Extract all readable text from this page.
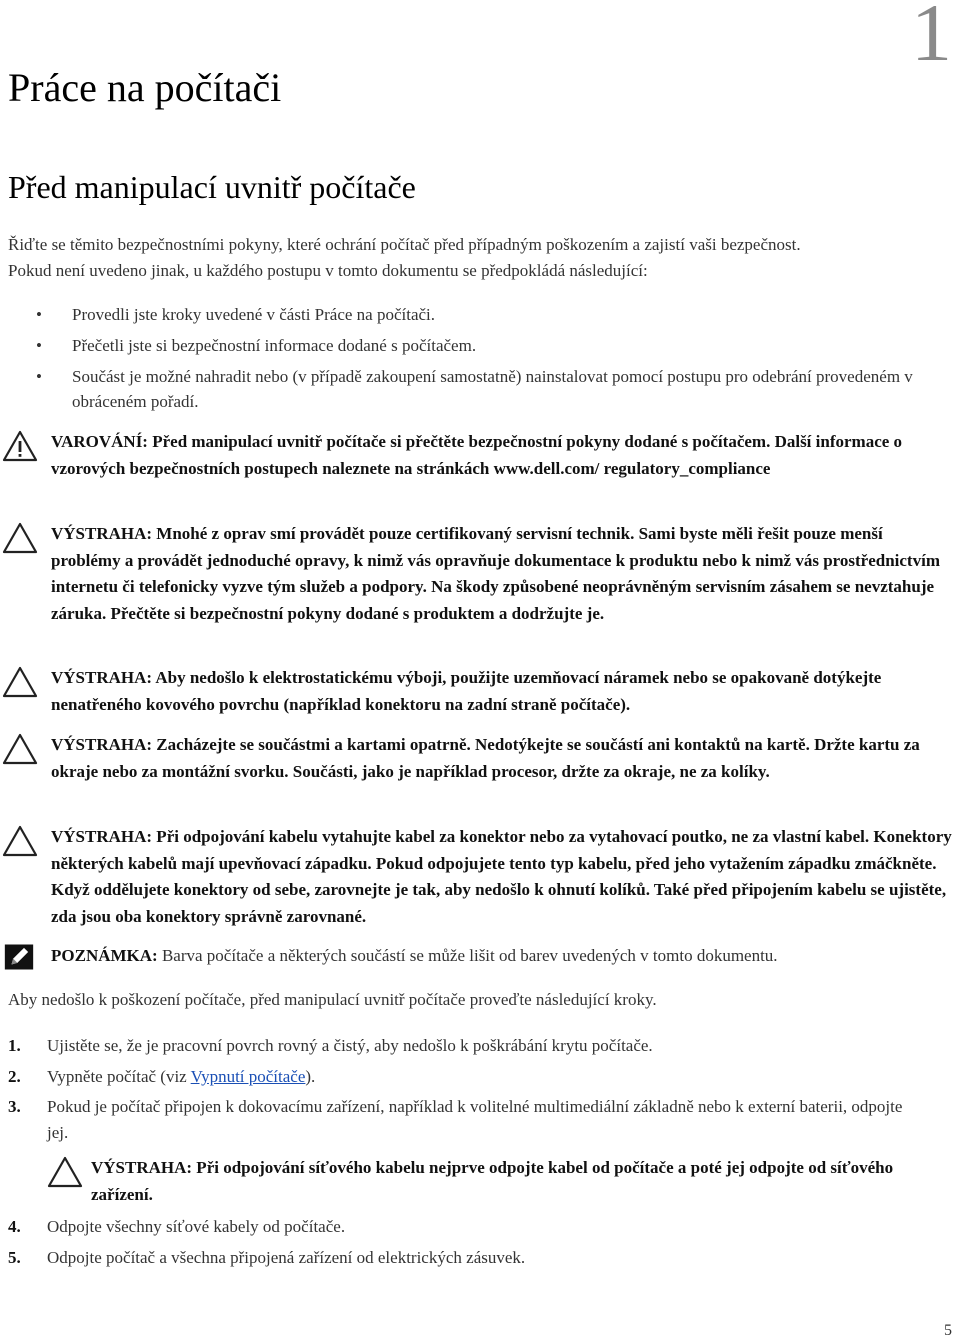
1
Práce na počítači
Před manipulací uvnitř počítače

Řiďte se těmito bezpečnostními pokyny, které ochrání počítač před případným poškozením a zajistí vaši bezpečnost.
Pokud není uvedeno jinak, u každého postupu v tomto dokumentu se předpokládá následující:

• Provedli jste kroky uvedené v části Práce na počítači.
• Přečetli jste si bezpečnostní informace dodané s počítačem.
• Součást je možné nahradit nebo (v případě zakoupení samostatně) nainstalovat pomocí postupu pro odebrání provedeném v obráceném pořadí.
VAROVÁNÍ: Před manipulací uvnitř počítače si přečtěte bezpečnostní pokyny dodané s počítačem. Další informace o vzorových bezpečnostních postupech naleznete na stránkách www.dell.com/ regulatory_compliance
VÝSTRAHA: Mnohé z oprav smí provádět pouze certifikovaný servisní technik. Sami byste měli řešit pouze menší problémy a provádět jednoduché opravy, k nimž vás opravňuje dokumentace k produktu nebo k nimž vás prostřednictvím internetu či telefonicky vyzve tým služeb a podpory. Na škody způsobené neoprávněným servisním zásahem se nevztahuje záruka. Přečtěte si bezpečnostní pokyny dodané s produktem a dodržujte je.
VÝSTRAHA: Aby nedošlo k elektrostatickému výboji, použijte uzemňovací náramek nebo se opakovaně dotýkejte nenatřeného kovového povrchu (například konektoru na zadní straně počítače).
VÝSTRAHA: Zacházejte se součástmi a kartami opatrně. Nedotýkejte se součástí ani kontaktů na kartě. Držte kartu za okraje nebo za montážní svorku. Součásti, jako je například procesor, držte za okraje, ne za kolíky.
VÝSTRAHA: Při odpojování kabelu vytahujte kabel za konektor nebo za vytahovací poutko, ne za vlastní kabel. Konektory některých kabelů mají upevňovací západku. Pokud odpojujete tento typ kabelu, před jeho vytažením západku zmáčkněte. Když oddělujete konektory od sebe, zarovnejte je tak, aby nedošlo k ohnutí kolíků. Také před připojením kabelu se ujistěte, zda jsou oba konektory správně zarovnané.
POZNÁMKA: Barva počítače a některých součástí se může lišit od barev uvedených v tomto dokumentu.

Aby nedošlo k poškození počítače, před manipulací uvnitř počítače proveďte následující kroky.

1. Ujistěte se, že je pracovní povrch rovný a čistý, aby nedošlo k poškrábání krytu počítače.
2. Vypněte počítač (viz Vypnutí počítače).
3. Pokud je počítač připojen k dokovacímu zařízení, například k volitelné multimediální základně nebo k externí baterii, odpojte jej.
VÝSTRAHA: Při odpojování síťového kabelu nejprve odpojte kabel od počítače a poté jej odpojte od síťového zařízení.
4. Odpojte všechny síťové kabely od počítače.
5. Odpojte počítač a všechna připojená zařízení od elektrických zásuvek.
5
